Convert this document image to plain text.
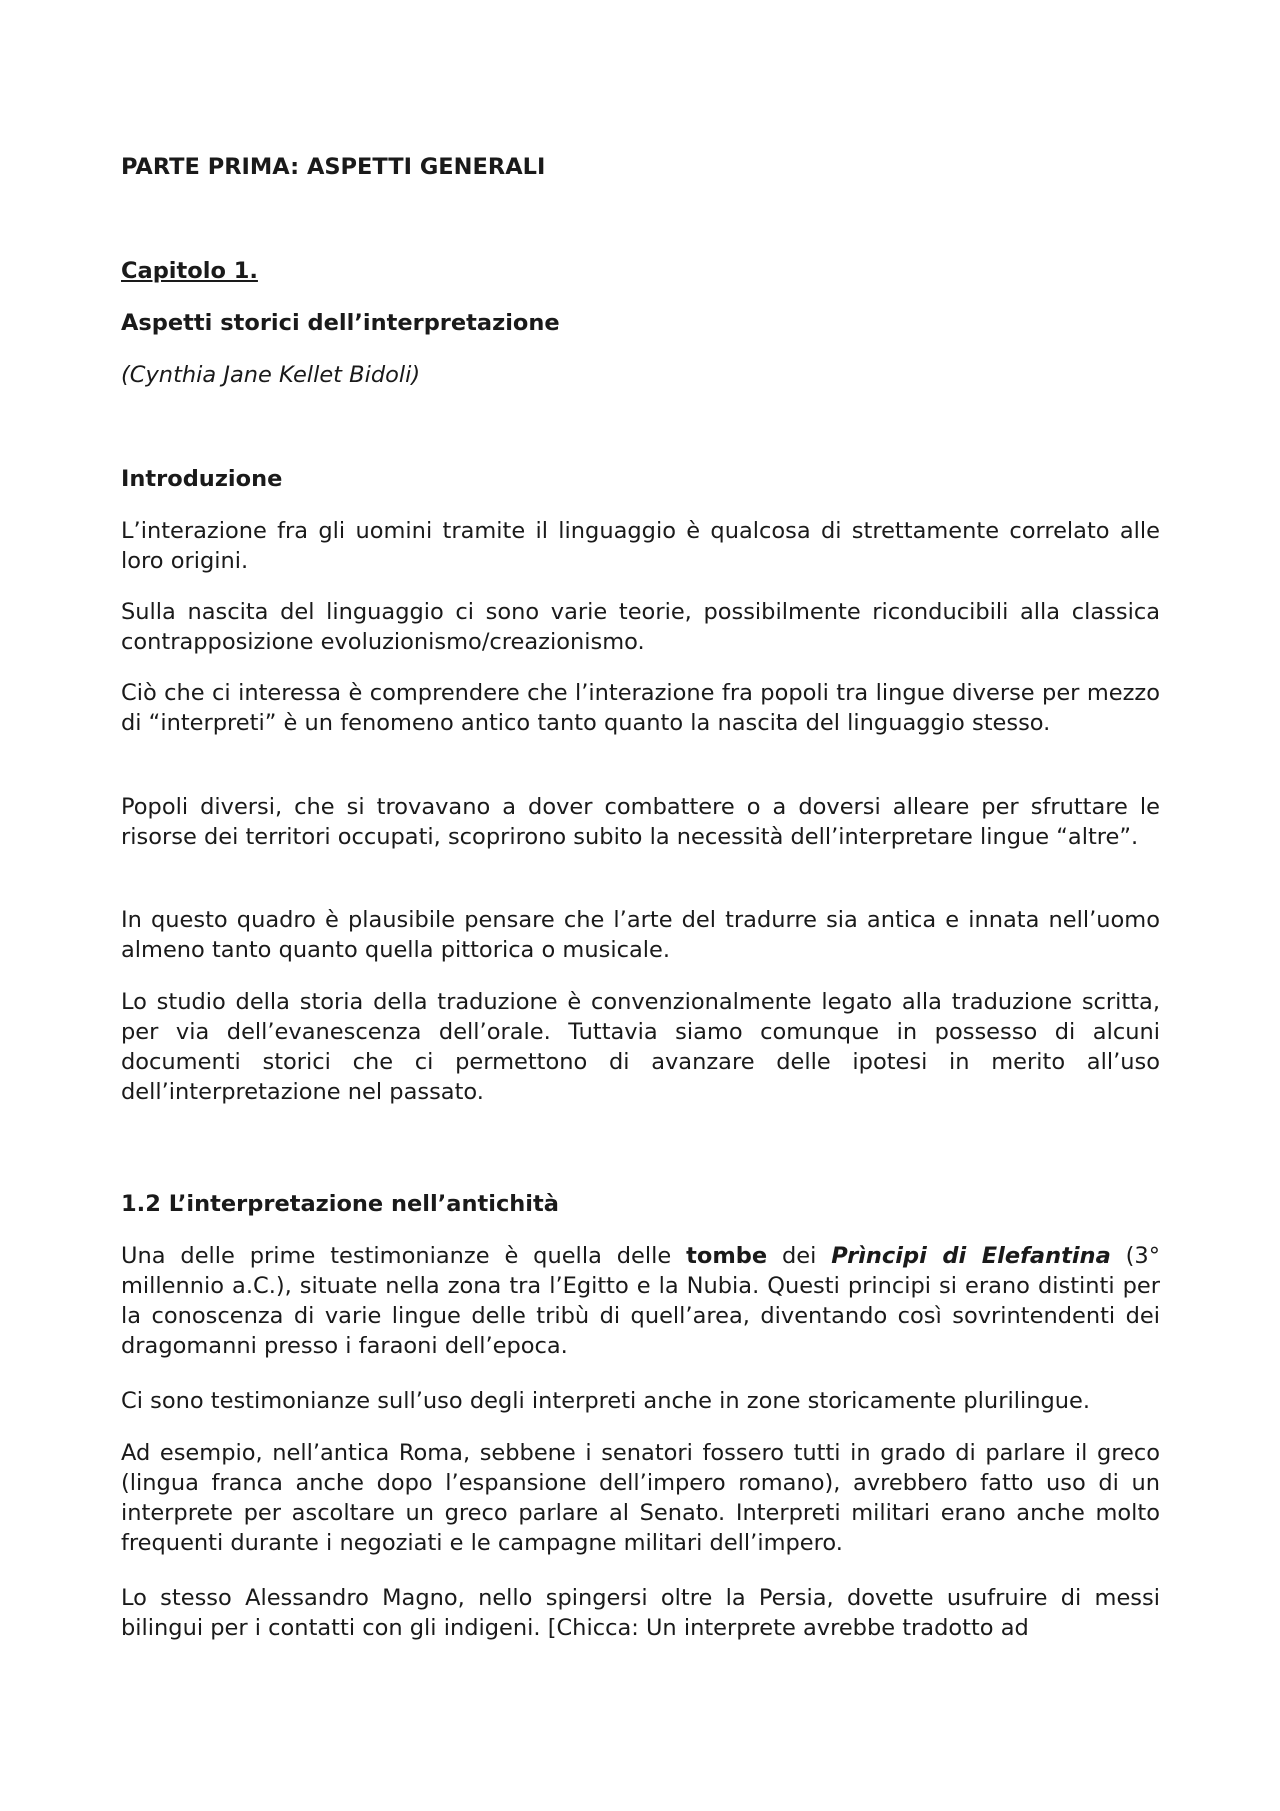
PARTE PRIMA: ASPETTI GENERALI

Capitolo 1.

Aspetti storici dell’interpretazione

(Cynthia Jane Kellet Bidoli)

Introduzione

L’interazione fra gli uomini tramite il linguaggio è qualcosa di strettamente correlato alle loro origini.

Sulla nascita del linguaggio ci sono varie teorie, possibilmente riconducibili alla classica contrapposizione evoluzionismo/creazionismo.

Ciò che ci interessa è comprendere che l’interazione fra popoli tra lingue diverse per mezzo di “interpreti” è un fenomeno antico tanto quanto la nascita del linguaggio stesso.

Popoli diversi, che si trovavano a dover combattere o a doversi alleare per sfruttare le risorse dei territori occupati, scoprirono subito la necessità dell’interpretare lingue “altre”.

In questo quadro è plausibile pensare che l’arte del tradurre sia antica e innata nell’uomo almeno tanto quanto quella pittorica o musicale.

Lo studio della storia della traduzione è convenzionalmente legato alla traduzione scritta, per via dell’evanescenza dell’orale. Tuttavia siamo comunque in possesso di alcuni documenti storici che ci permettono di avanzare delle ipotesi in merito all’uso dell’interpretazione nel passato.

1.2 L’interpretazione nell’antichità

Una delle prime testimonianze è quella delle tombe dei Prìncipi di Elefantina (3° millennio a.C.), situate nella zona tra l’Egitto e la Nubia. Questi principi si erano distinti per la conoscenza di varie lingue delle tribù di quell’area, diventando così sovrintendenti dei dragomanni presso i faraoni dell’epoca.

Ci sono testimonianze sull’uso degli interpreti anche in zone storicamente plurilingue.

Ad esempio, nell’antica Roma, sebbene i senatori fossero tutti in grado di parlare il greco (lingua franca anche dopo l’espansione dell’impero romano), avrebbero fatto uso di un interprete per ascoltare un greco parlare al Senato. Interpreti militari erano anche molto frequenti durante i negoziati e le campagne militari dell’impero.

Lo stesso Alessandro Magno, nello spingersi oltre la Persia, dovette usufruire di messi bilingui per i contatti con gli indigeni. [Chicca: Un interprete avrebbe tradotto ad
